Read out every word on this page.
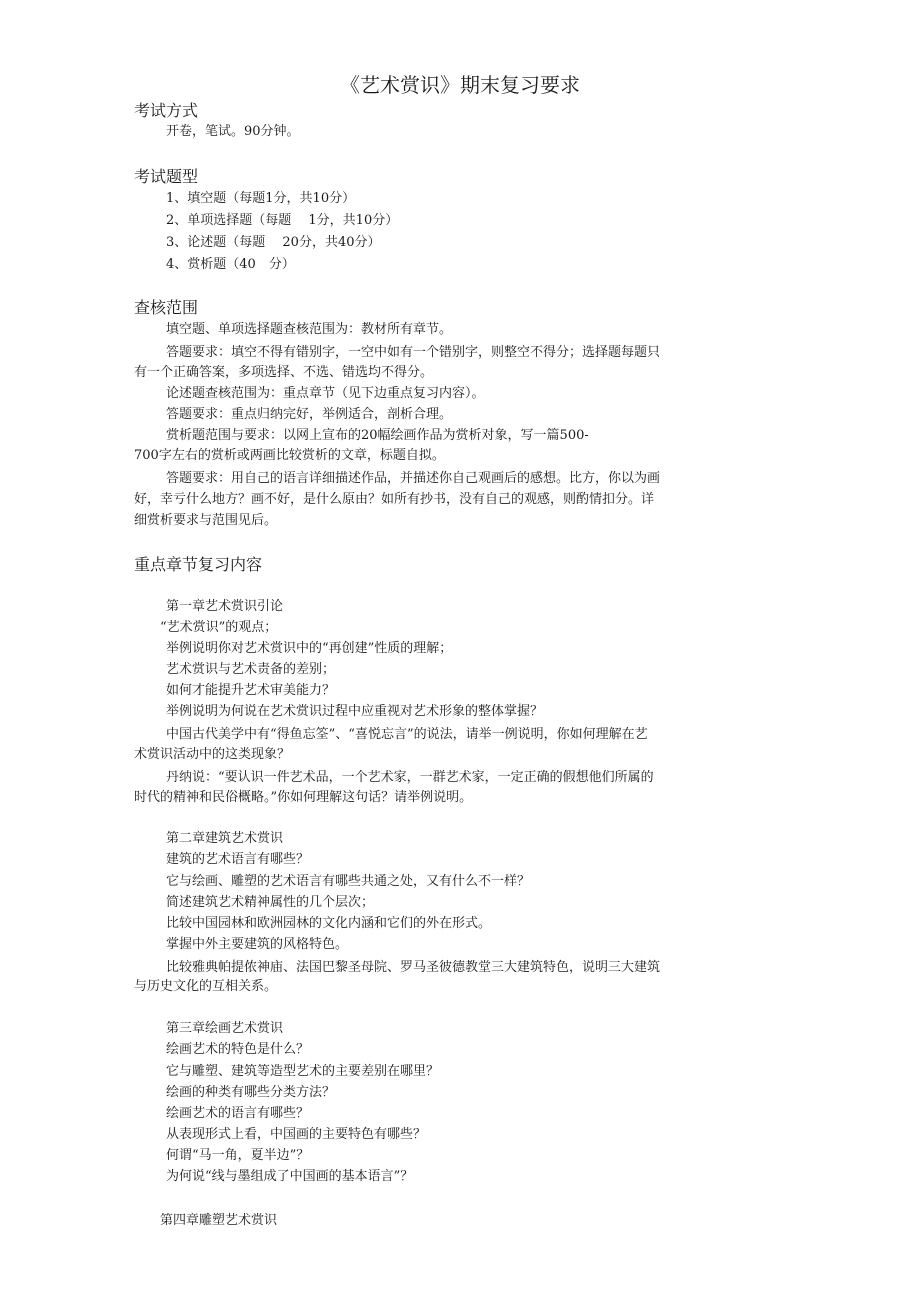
《艺术赏识》期末复习要求
考试方式
开卷，笔试。90分钟。
考试题型
1、填空题（每题1分，共10分）
2、单项选择题（每题　 1分，共10分）
3、论述题（每题　 20分，共40分）
4、赏析题（40　分）
查核范围
填空题、单项选择题查核范围为：教材所有章节。
答题要求：填空不得有错别字，一空中如有一个错别字，则整空不得分；选择题每题只
有一个正确答案，多项选择、不选、错选均不得分。
论述题查核范围为：重点章节（见下边重点复习内容）。
答题要求：重点归纳完好，举例适合，剖析合理。
赏析题范围与要求：以网上宣布的20幅绘画作品为赏析对象，写一篇500-
700字左右的赏析或两画比较赏析的文章，标题自拟。
答题要求：用自己的语言详细描述作品，并描述你自己观画后的感想。比方，你以为画
好，幸亏什么地方？画不好，是什么原由？如所有抄书，没有自己的观感，则酌情扣分。详
细赏析要求与范围见后。
重点章节复习内容
第一章艺术赏识引论
“艺术赏识”的观点；
举例说明你对艺术赏识中的“再创建”性质的理解；
艺术赏识与艺术责备的差别；
如何才能提升艺术审美能力？
举例说明为何说在艺术赏识过程中应重视对艺术形象的整体掌握？
中国古代美学中有“得鱼忘筌”、“喜悦忘言”的说法，请举一例说明，你如何理解在艺
术赏识活动中的这类现象？
丹纳说：“要认识一件艺术品，一个艺术家，一群艺术家，一定正确的假想他们所属的
时代的精神和民俗概略。”你如何理解这句话？请举例说明。
第二章建筑艺术赏识
建筑的艺术语言有哪些？
它与绘画、雕塑的艺术语言有哪些共通之处，又有什么不一样？
简述建筑艺术精神属性的几个层次；
比较中国园林和欧洲园林的文化内涵和它们的外在形式。
掌握中外主要建筑的风格特色。
比较雅典帕提侬神庙、法国巴黎圣母院、罗马圣彼德教堂三大建筑特色，说明三大建筑
与历史文化的互相关系。
第三章绘画艺术赏识
绘画艺术的特色是什么？
它与雕塑、建筑等造型艺术的主要差别在哪里？
绘画的种类有哪些分类方法？
绘画艺术的语言有哪些？
从表现形式上看，中国画的主要特色有哪些？
何谓“马一角，夏半边”？
为何说“线与墨组成了中国画的基本语言”？
第四章雕塑艺术赏识
